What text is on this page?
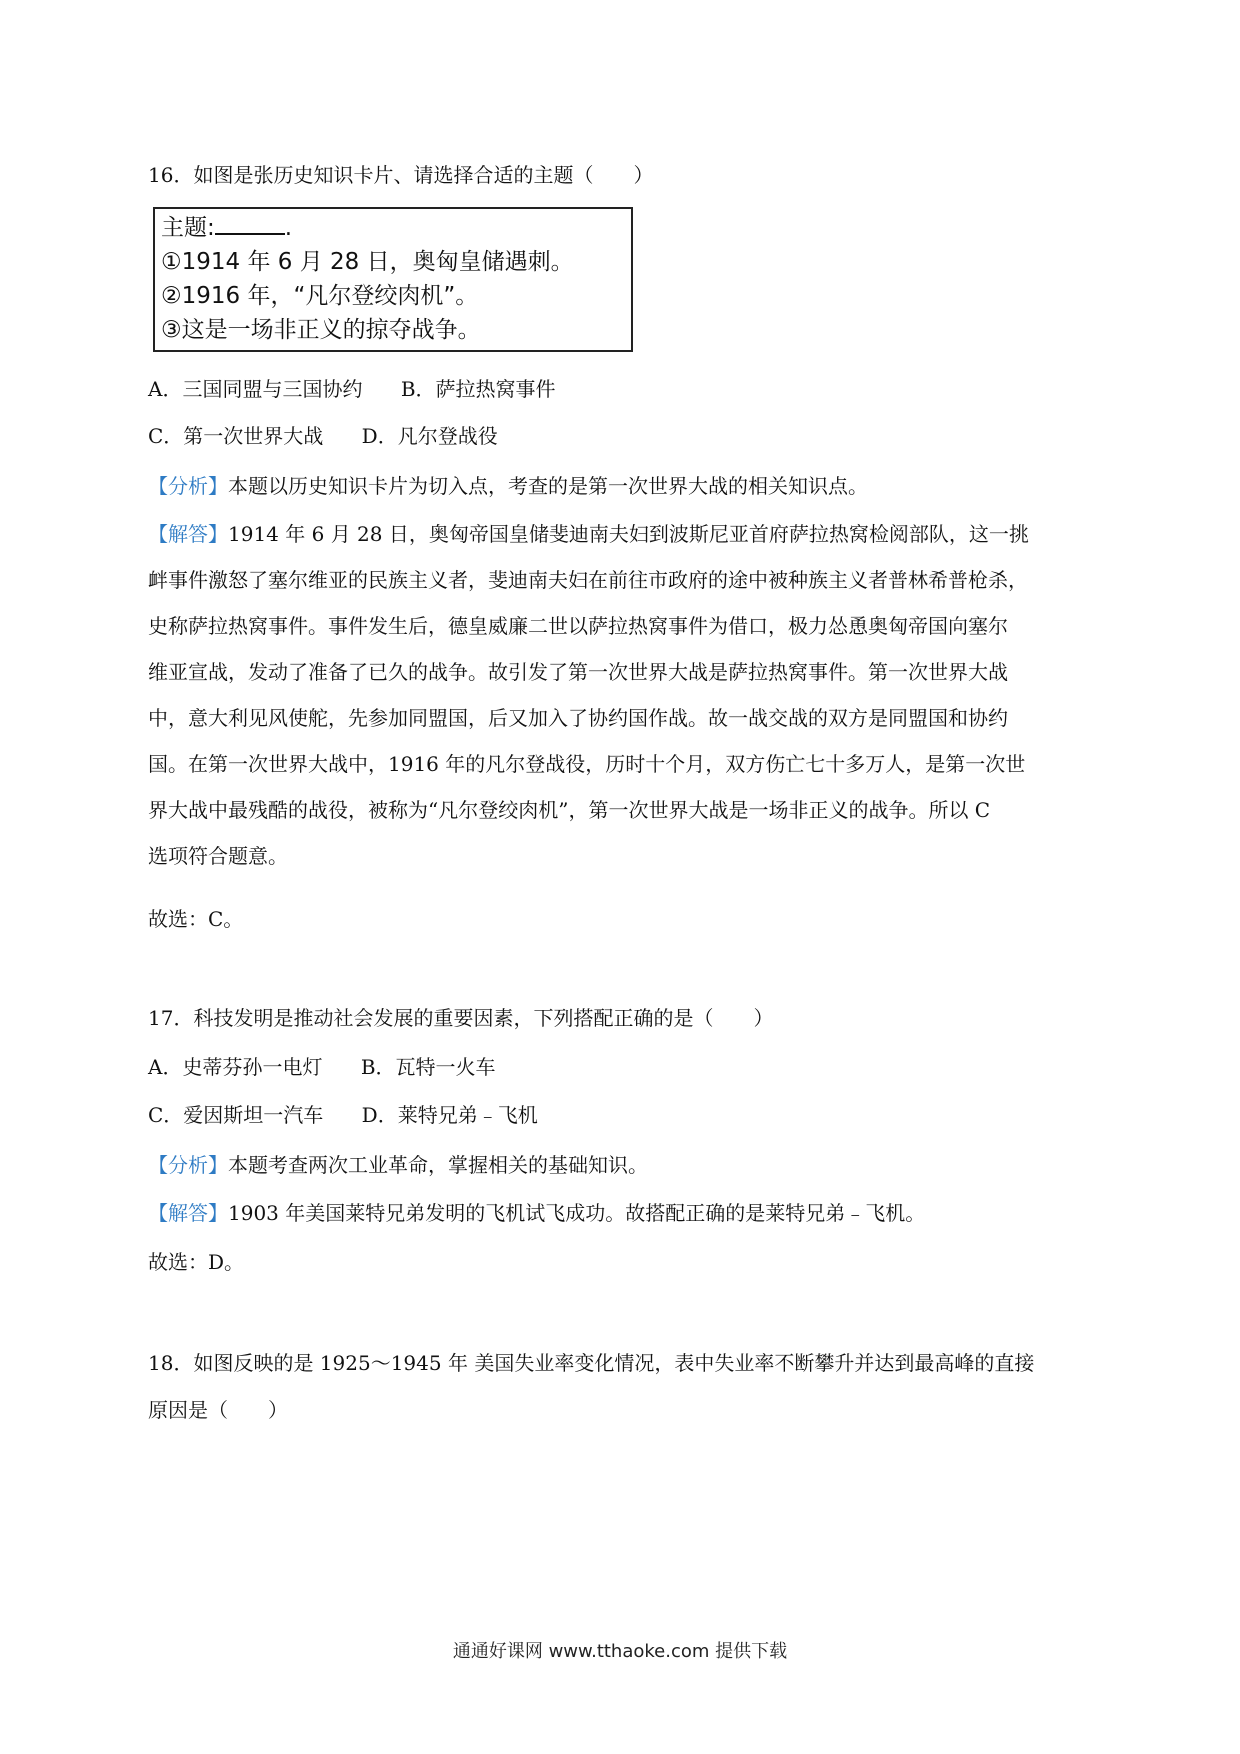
16．如图是张历史知识卡片、请选择合适的主题（　　）
主题:	.
①1914 年 6 月 28 日，奥匈皇储遇刺。
②1916 年，“凡尔登绞肉机”。
③这是一场非正义的掠夺战争。
A．三国同盟与三国协约 B．萨拉热窝事件
C．第一次世界大战 D．凡尔登战役
【分析】本题以历史知识卡片为切入点，考查的是第一次世界大战的相关知识点。

【解答】1914 年 6 月 28 日，奥匈帝国皇储斐迪南夫妇到波斯尼亚首府萨拉热窝检阅部队，这一挑

衅事件激怒了塞尔维亚的民族主义者，斐迪南夫妇在前往市政府的途中被种族主义者普林希普枪杀，

史称萨拉热窝事件。事件发生后，德皇威廉二世以萨拉热窝事件为借口，极力怂恿奥匈帝国向塞尔

维亚宣战，发动了准备了已久的战争。故引发了第一次世界大战是萨拉热窝事件。第一次世界大战

中，意大利见风使舵，先参加同盟国，后又加入了协约国作战。故一战交战的双方是同盟国和协约

国。在第一次世界大战中，1916 年的凡尔登战役，历时十个月，双方伤亡七十多万人，是第一次世

界大战中最残酷的战役，被称为“凡尔登绞肉机”，第一次世界大战是一场非正义的战争。所以 C

选项符合题意。

故选：C。
17．科技发明是推动社会发展的重要因素，下列搭配正确的是（　　）
A．史蒂芬孙一电灯 B．瓦特一火车
C．爱因斯坦一汽车 D．莱特兄弟﹣飞机
【分析】本题考查两次工业革命，掌握相关的基础知识。
【解答】1903 年美国莱特兄弟发明的飞机试飞成功。故搭配正确的是莱特兄弟﹣飞机。
故选：D。
18．如图反映的是 1925～1945 年 美国失业率变化情况，表中失业率不断攀升并达到最高峰的直接
原因是（　　）
通通好课网 www.tthaoke.com 提供下载
